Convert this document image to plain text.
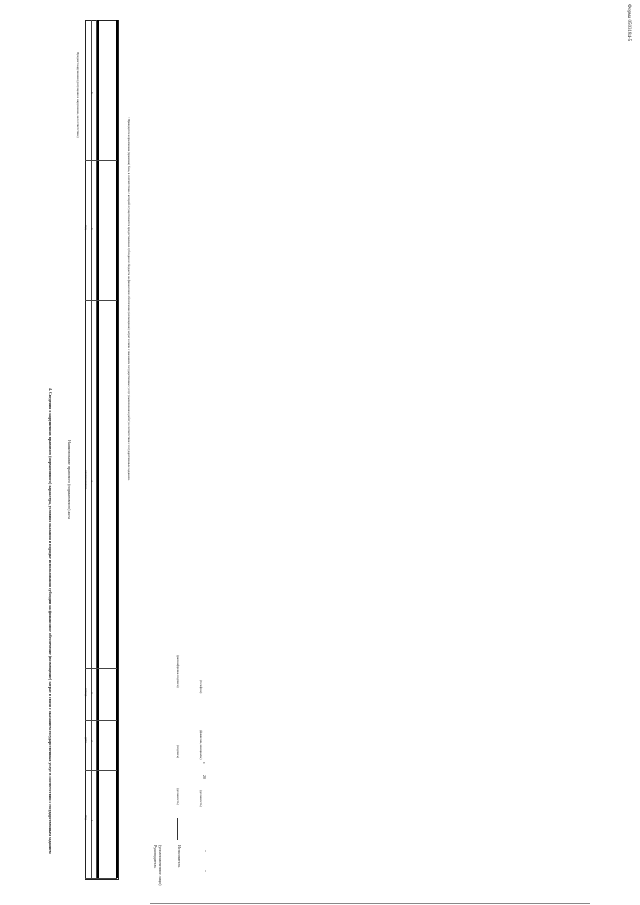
Форма 0503184-5
4. Сведения о нарушениях правового (нормативного) характера, условиях оказания и порядке использования субсидии на финансовое обеспечение (возмещение) затрат в связи с оказанием государственных услуг в соответствии с государственным заданием	Наименование правового (нормативного) акта
вид
1
дата 2
номер 3
наименование 4
код 5
Предмет нарушения (допущенное нарушение, несоответствие)	6
¹ Приводится нормативная (правовая) база, в соответствии с которой осуществляется предоставление субсидии из бюджета на финансовое обеспечение (возмещение) затрат в связи с оказанием государственных услуг (выполнением работ) в соответствии с государственным заданием.
Руководитель (уполномоченное лицо)
(должность)
(подпись)
(расшифровка подписи)
Исполнитель
(должность)
(фамилия, инициалы)
(телефон)
"
"
20
г.
